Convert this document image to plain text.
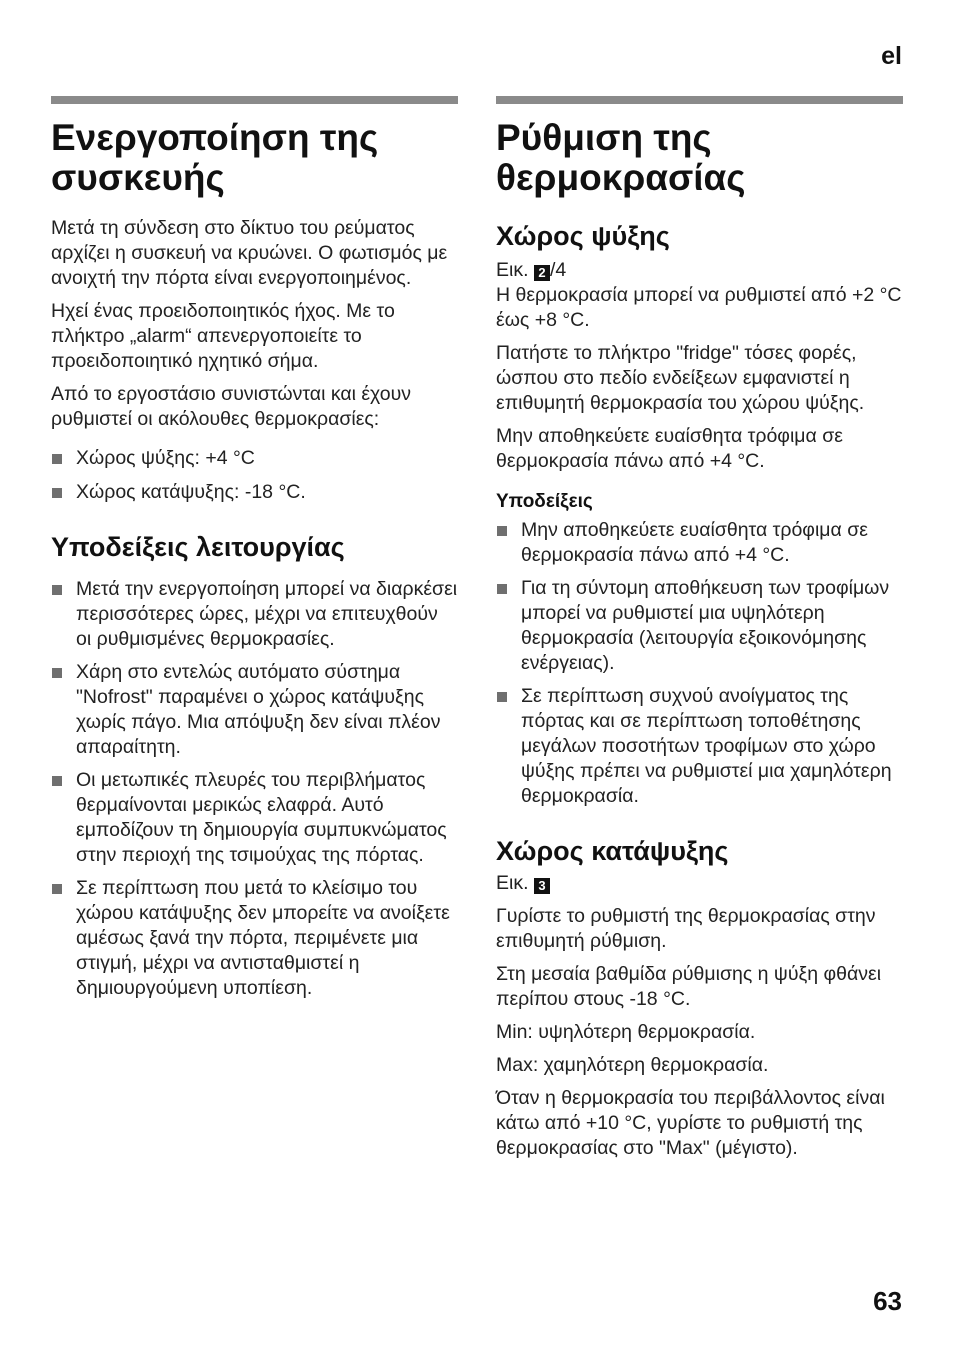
el
Ενεργοποίηση της
συσκευής

Μετά τη σύνδεση στο δίκτυο του ρεύματος αρχίζει η συσκευή να κρυώνει. Ο φωτισμός με ανοιχτή την πόρτα είναι ενεργοποιημένος.

Ηχεί ένας προειδοποιητικός ήχος. Με το πλήκτρο „alarm“ απενεργοποιείτε το προειδοποιητικό ηχητικό σήμα.

Από το εργοστάσιο συνιστώνται και έχουν ρυθμιστεί οι ακόλουθες θερμοκρασίες:

Χώρος ψύξης: +4 °C
Χώρος κατάψυξης: -18 °C.
Υποδείξεις λειτουργίας
Μετά την ενεργοποίηση μπορεί να διαρκέσει περισσότερες ώρες, μέχρι να επιτευχθούν οι ρυθμισμένες θερμοκρασίες.
Χάρη στο εντελώς αυτόματο σύστημα "Nofrost" παραμένει ο χώρος κατάψυξης χωρίς πάγο. Μια απόψυξη δεν είναι πλέον απαραίτητη.
Οι μετωπικές πλευρές του περιβλήματος θερμαίνονται μερικώς ελαφρά. Αυτό εμποδίζουν τη δημιουργία συμπυκνώματος στην περιοχή της τσιμούχας της πόρτας.
Σε περίπτωση που μετά το κλείσιμο του χώρου κατάψυξης δεν μπορείτε να ανοίξετε αμέσως ξανά την πόρτα, περιμένετε μια στιγμή, μέχρι να αντισταθμιστεί η δημιουργούμενη υποπίεση.
Ρύθμιση της
θερμοκρασίας
Χώρος ψύξης

Εικ. 2 /4

Η θερμοκρασία μπορεί να ρυθμιστεί από +2 °C έως +8 °C.

Πατήστε το πλήκτρο "fridge" τόσες φορές, ώσπου στο πεδίο ενδείξεων εμφανιστεί η επιθυμητή θερμοκρασία του χώρου ψύξης.

Μην αποθηκεύετε ευαίσθητα τρόφιμα σε θερμοκρασία πάνω από +4 °C.

Υποδείξεις
Μην αποθηκεύετε ευαίσθητα τρόφιμα σε θερμοκρασία πάνω από +4 °C.
Για τη σύντομη αποθήκευση των τροφίμων μπορεί να ρυθμιστεί μια υψηλότερη θερμοκρασία (λειτουργία εξοικονόμησης ενέργειας).
Σε περίπτωση συχνού ανοίγματος της πόρτας και σε περίπτωση τοποθέτησης μεγάλων ποσοτήτων τροφίμων στο χώρο ψύξης πρέπει να ρυθμιστεί μια χαμηλότερη θερμοκρασία.
Χώρος κατάψυξης

Εικ. 3

Γυρίστε το ρυθμιστή της θερμοκρασίας στην επιθυμητή ρύθμιση.

Στη μεσαία βαθμίδα ρύθμισης η ψύξη φθάνει περίπου στους -18 °C.

Min: υψηλότερη θερμοκρασία.

Max: χαμηλότερη θερμοκρασία.

Όταν η θερμοκρασία του περιβάλλοντος είναι κάτω από +10 °C, γυρίστε το ρυθμιστή της θερμοκρασίας στο "Max" (μέγιστο).

63
